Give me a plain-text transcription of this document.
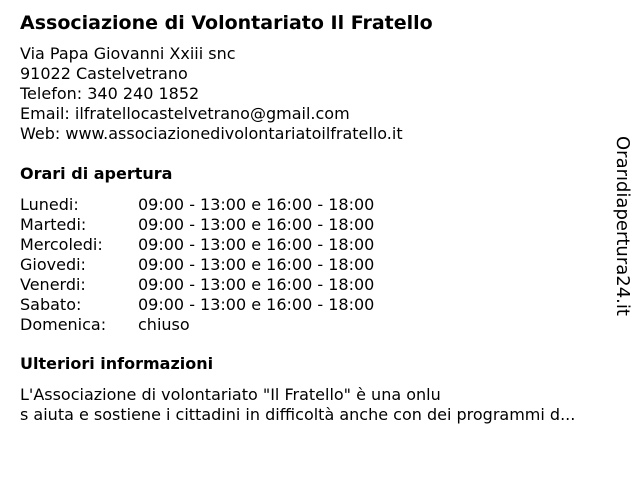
Associazione di Volontariato Il Fratello
Via Papa Giovanni Xxiii snc
91022 Castelvetrano
Telefon: 340 240 1852
Email: ilfratellocastelvetrano@gmail.com
Web: www.associazionedivolontariatoilfratello.it
Orari di apertura
Lunedi:	09:00 - 13:00 e 16:00 - 18:00
Martedi:	09:00 - 13:00 e 16:00 - 18:00
Mercoledi:	09:00 - 13:00 e 16:00 - 18:00
Giovedi:	09:00 - 13:00 e 16:00 - 18:00
Venerdi:	09:00 - 13:00 e 16:00 - 18:00
Sabato:	09:00 - 13:00 e 16:00 - 18:00
Domenica:	chiuso
Ulteriori informazioni
L'Associazione di volontariato "Il Fratello" è una onlu
s aiuta e sostiene i cittadini in difficoltà anche con dei programmi d...
Orarıdiapertura24.it
